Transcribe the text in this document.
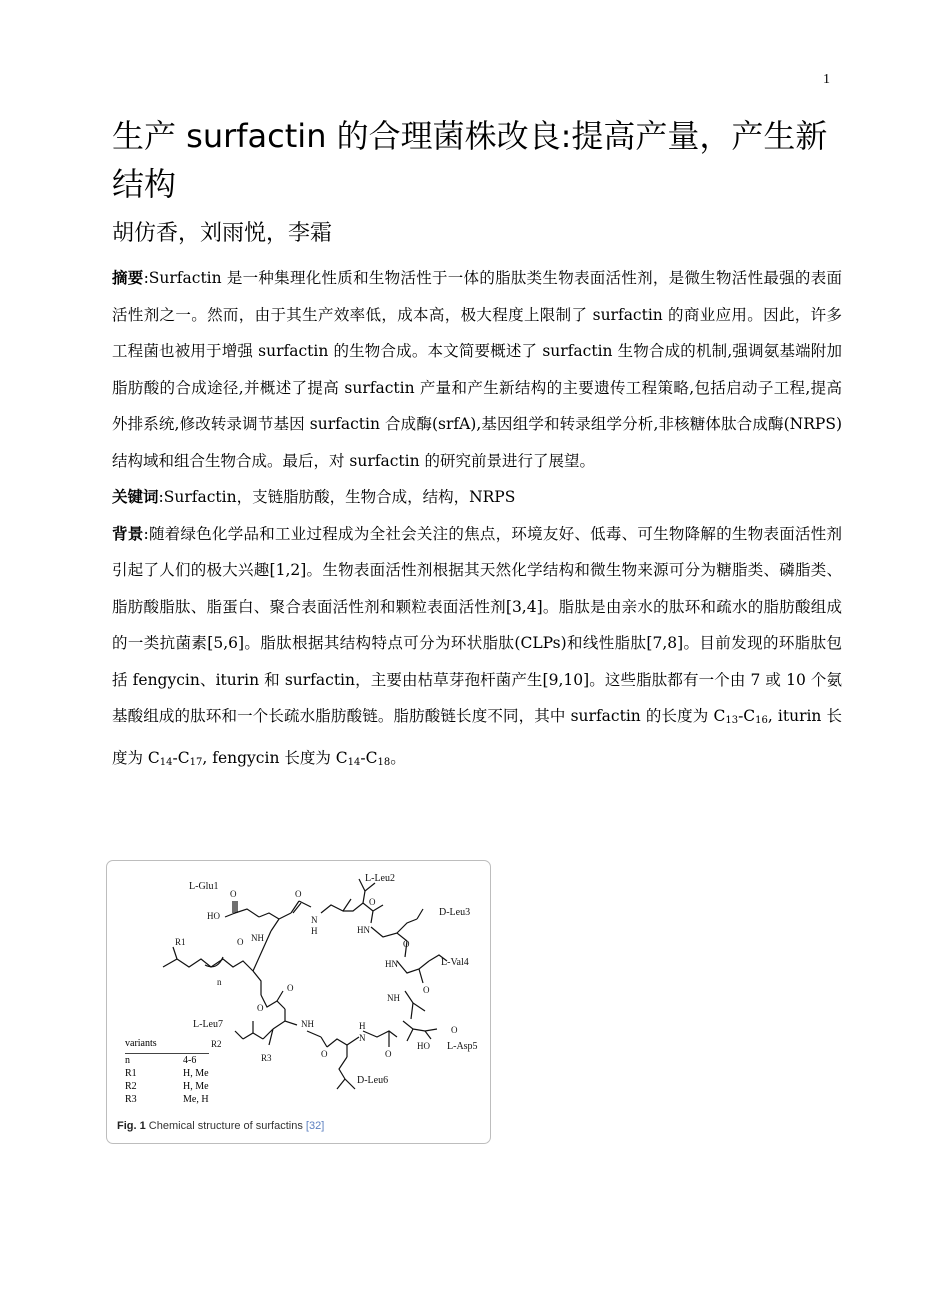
1
生产 surfactin 的合理菌株改良:提高产量，产生新结构
胡仿香，刘雨悦，李霜

摘要:Surfactin 是一种集理化性质和生物活性于一体的脂肽类生物表面活性剂，是微生物活性最强的表面活性剂之一。然而，由于其生产效率低，成本高，极大程度上限制了 surfactin 的商业应用。因此，许多工程菌也被用于增强 surfactin 的生物合成。本文简要概述了 surfactin 生物合成的机制,强调氨基端附加脂肪酸的合成途径,并概述了提高 surfactin 产量和产生新结构的主要遗传工程策略,包括启动子工程,提高外排系统,修改转录调节基因 surfactin 合成酶(srfA),基因组学和转录组学分析,非核糖体肽合成酶(NRPS)结构域和组合生物合成。最后，对 surfactin 的研究前景进行了展望。

关键词:Surfactin，支链脂肪酸，生物合成，结构，NRPS

背景:随着绿色化学品和工业过程成为全社会关注的焦点，环境友好、低毒、可生物降解的生物表面活性剂引起了人们的极大兴趣[1,2]。生物表面活性剂根据其天然化学结构和微生物来源可分为糖脂类、磷脂类、脂肪酸脂肽、脂蛋白、聚合表面活性剂和颗粒表面活性剂[3,4]。脂肽是由亲水的肽环和疏水的脂肪酸组成的一类抗菌素[5,6]。脂肽根据其结构特点可分为环状脂肽(CLPs)和线性脂肽[7,8]。目前发现的环脂肽包括 fengycin、iturin 和 surfactin，主要由枯草芽孢杆菌产生[9,10]。这些脂肽都有一个由 7 或 10 个氨基酸组成的肽环和一个长疏水脂肪酸链。脂肪酸链长度不同，其中 surfactin 的长度为 $C_{13}-C_{16}$, iturin 长度为 $C_{14}-C_{17}$, fengycin 长度为 $C_{14}-C_{18}$。

L-Glu1
L-Leu2
D-Leu3
L-Val4
L-Asp5
D-Leu6
L-Leu7
O
HO
O
N
H
NH
O
O
HN
O
HN
O
NH
O
HO
H
N
O
O
NH
O
O
R1
R2
R3
n
variants	
n	4-6
R1	H, Me
R2	H, Me
R3	Me, H
Fig. 1 Chemical structure of surfactins [32]
